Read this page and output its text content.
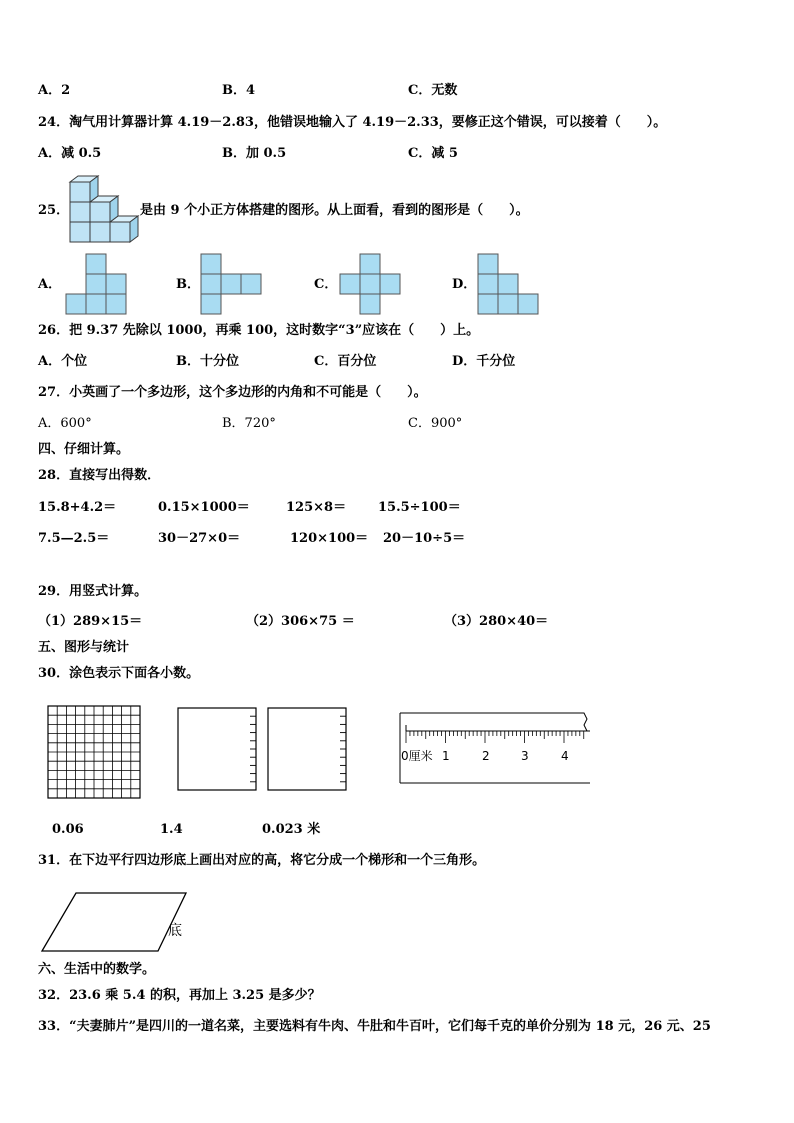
A．2	B．4	C．无数
24．淘气用计算器计算 4.19－2.83，他错误地输入了 4.19－2.33，要修正这个错误，可以接着（　　）。
A．减 0.5	B．加 0.5	C．减 5
25．	是由 9 个小正方体搭建的图形。从上面看，看到的图形是（　　）。
A．	B．	C．	D．
26．把 9.37 先除以 1000，再乘 100，这时数字“3”应该在（　　）上。
A．个位	B．十分位	C．百分位	D．千分位
27．小英画了一个多边形，这个多边形的内角和不可能是（　　）。
A．600°	B．720°	C．900°
四、仔细计算。
28．直接写出得数．
15.8+4.2＝	0.15×1000＝	125×8＝ 15.5÷100＝
7.5—2.5＝	30－27×0＝	120×100＝ 20－10÷5＝
29．用竖式计算。
（1）289×15＝	（2）306×75 ＝	（3）280×40＝
五、图形与统计
30．涂色表示下面各小数。
0厘米 1	2	3	4
0.06	1.4	0.023 米
31．在下边平行四边形底上画出对应的高，将它分成一个梯形和一个三角形。
底
六、生活中的数学。
32．23.6 乘 5.4 的积，再加上 3.25 是多少？
33．“夫妻肺片”是四川的一道名菜，主要选料有牛肉、牛肚和牛百叶，它们每千克的单价分别为 18 元，26 元、25
